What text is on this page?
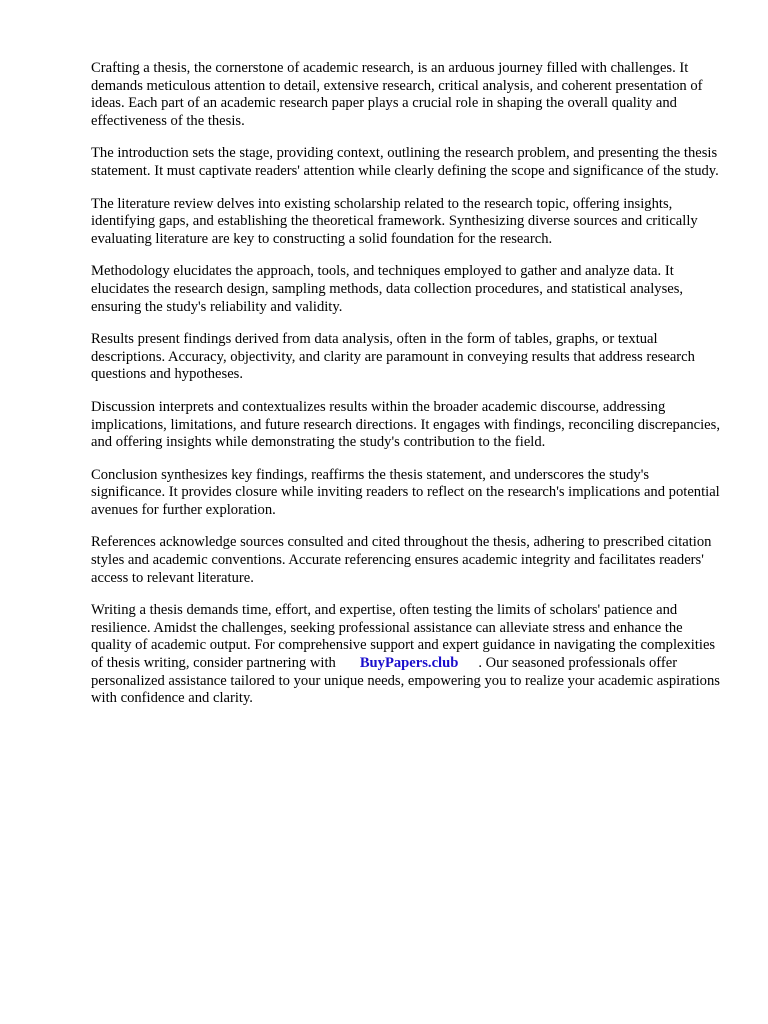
Crafting a thesis, the cornerstone of academic research, is an arduous journey filled with challenges. It demands meticulous attention to detail, extensive research, critical analysis, and coherent presentation of ideas. Each part of an academic research paper plays a crucial role in shaping the overall quality and effectiveness of the thesis.

The introduction sets the stage, providing context, outlining the research problem, and presenting the thesis statement. It must captivate readers' attention while clearly defining the scope and significance of the study.

The literature review delves into existing scholarship related to the research topic, offering insights, identifying gaps, and establishing the theoretical framework. Synthesizing diverse sources and critically evaluating literature are key to constructing a solid foundation for the research.

Methodology elucidates the approach, tools, and techniques employed to gather and analyze data. It elucidates the research design, sampling methods, data collection procedures, and statistical analyses, ensuring the study's reliability and validity.

Results present findings derived from data analysis, often in the form of tables, graphs, or textual descriptions. Accuracy, objectivity, and clarity are paramount in conveying results that address research questions and hypotheses.

Discussion interprets and contextualizes results within the broader academic discourse, addressing implications, limitations, and future research directions. It engages with findings, reconciling discrepancies, and offering insights while demonstrating the study's contribution to the field.

Conclusion synthesizes key findings, reaffirms the thesis statement, and underscores the study's significance. It provides closure while inviting readers to reflect on the research's implications and potential avenues for further exploration.

References acknowledge sources consulted and cited throughout the thesis, adhering to prescribed citation styles and academic conventions. Accurate referencing ensures academic integrity and facilitates readers' access to relevant literature.

Writing a thesis demands time, effort, and expertise, often testing the limits of scholars' patience and resilience. Amidst the challenges, seeking professional assistance can alleviate stress and enhance the quality of academic output. For comprehensive support and expert guidance in navigating the complexities of thesis writing, consider partnering with BuyPapers.club . Our seasoned professionals offer personalized assistance tailored to your unique needs, empowering you to realize your academic aspirations with confidence and clarity.
